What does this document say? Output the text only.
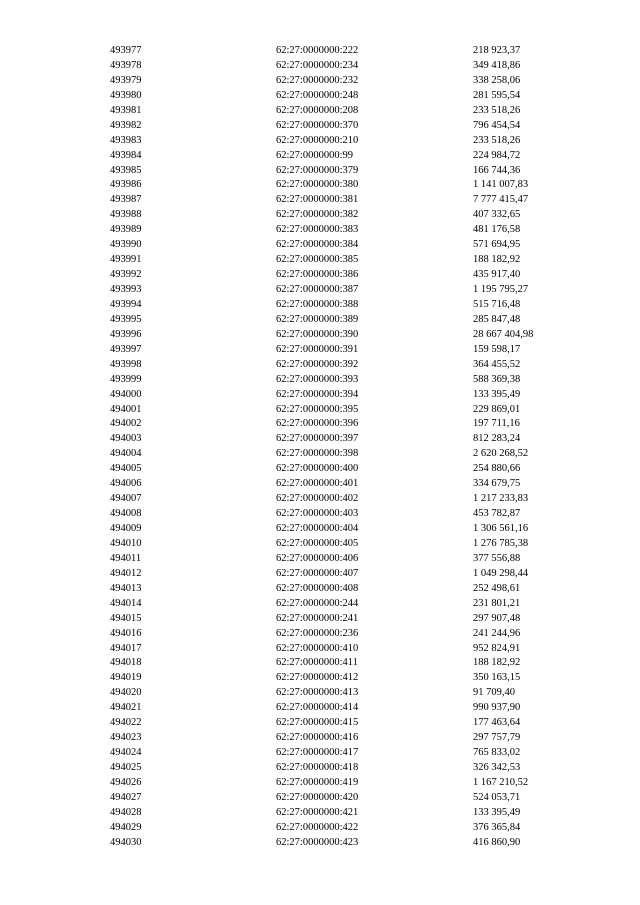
493977	62:27:0000000:222	218 923,37
493978	62:27:0000000:234	349 418,86
493979	62:27:0000000:232	338 258,06
493980	62:27:0000000:248	281 595,54
493981	62:27:0000000:208	233 518,26
493982	62:27:0000000:370	796 454,54
493983	62:27:0000000:210	233 518,26
493984	62:27:0000000:99	224 984,72
493985	62:27:0000000:379	166 744,36
493986	62:27:0000000:380	1 141 007,83
493987	62:27:0000000:381	7 777 415,47
493988	62:27:0000000:382	407 332,65
493989	62:27:0000000:383	481 176,58
493990	62:27:0000000:384	571 694,95
493991	62:27:0000000:385	188 182,92
493992	62:27:0000000:386	435 917,40
493993	62:27:0000000:387	1 195 795,27
493994	62:27:0000000:388	515 716,48
493995	62:27:0000000:389	285 847,48
493996	62:27:0000000:390	28 667 404,98
493997	62:27:0000000:391	159 598,17
493998	62:27:0000000:392	364 455,52
493999	62:27:0000000:393	588 369,38
494000	62:27:0000000:394	133 395,49
494001	62:27:0000000:395	229 869,01
494002	62:27:0000000:396	197 711,16
494003	62:27:0000000:397	812 283,24
494004	62:27:0000000:398	2 620 268,52
494005	62:27:0000000:400	254 880,66
494006	62:27:0000000:401	334 679,75
494007	62:27:0000000:402	1 217 233,83
494008	62:27:0000000:403	453 782,87
494009	62:27:0000000:404	1 306 561,16
494010	62:27:0000000:405	1 276 785,38
494011	62:27:0000000:406	377 556,88
494012	62:27:0000000:407	1 049 298,44
494013	62:27:0000000:408	252 498,61
494014	62:27:0000000:244	231 801,21
494015	62:27:0000000:241	297 907,48
494016	62:27:0000000:236	241 244,96
494017	62:27:0000000:410	952 824,91
494018	62:27:0000000:411	188 182,92
494019	62:27:0000000:412	350 163,15
494020	62:27:0000000:413	91 709,40
494021	62:27:0000000:414	990 937,90
494022	62:27:0000000:415	177 463,64
494023	62:27:0000000:416	297 757,79
494024	62:27:0000000:417	765 833,02
494025	62:27:0000000:418	326 342,53
494026	62:27:0000000:419	1 167 210,52
494027	62:27:0000000:420	524 053,71
494028	62:27:0000000:421	133 395,49
494029	62:27:0000000:422	376 365,84
494030	62:27:0000000:423	416 860,90
